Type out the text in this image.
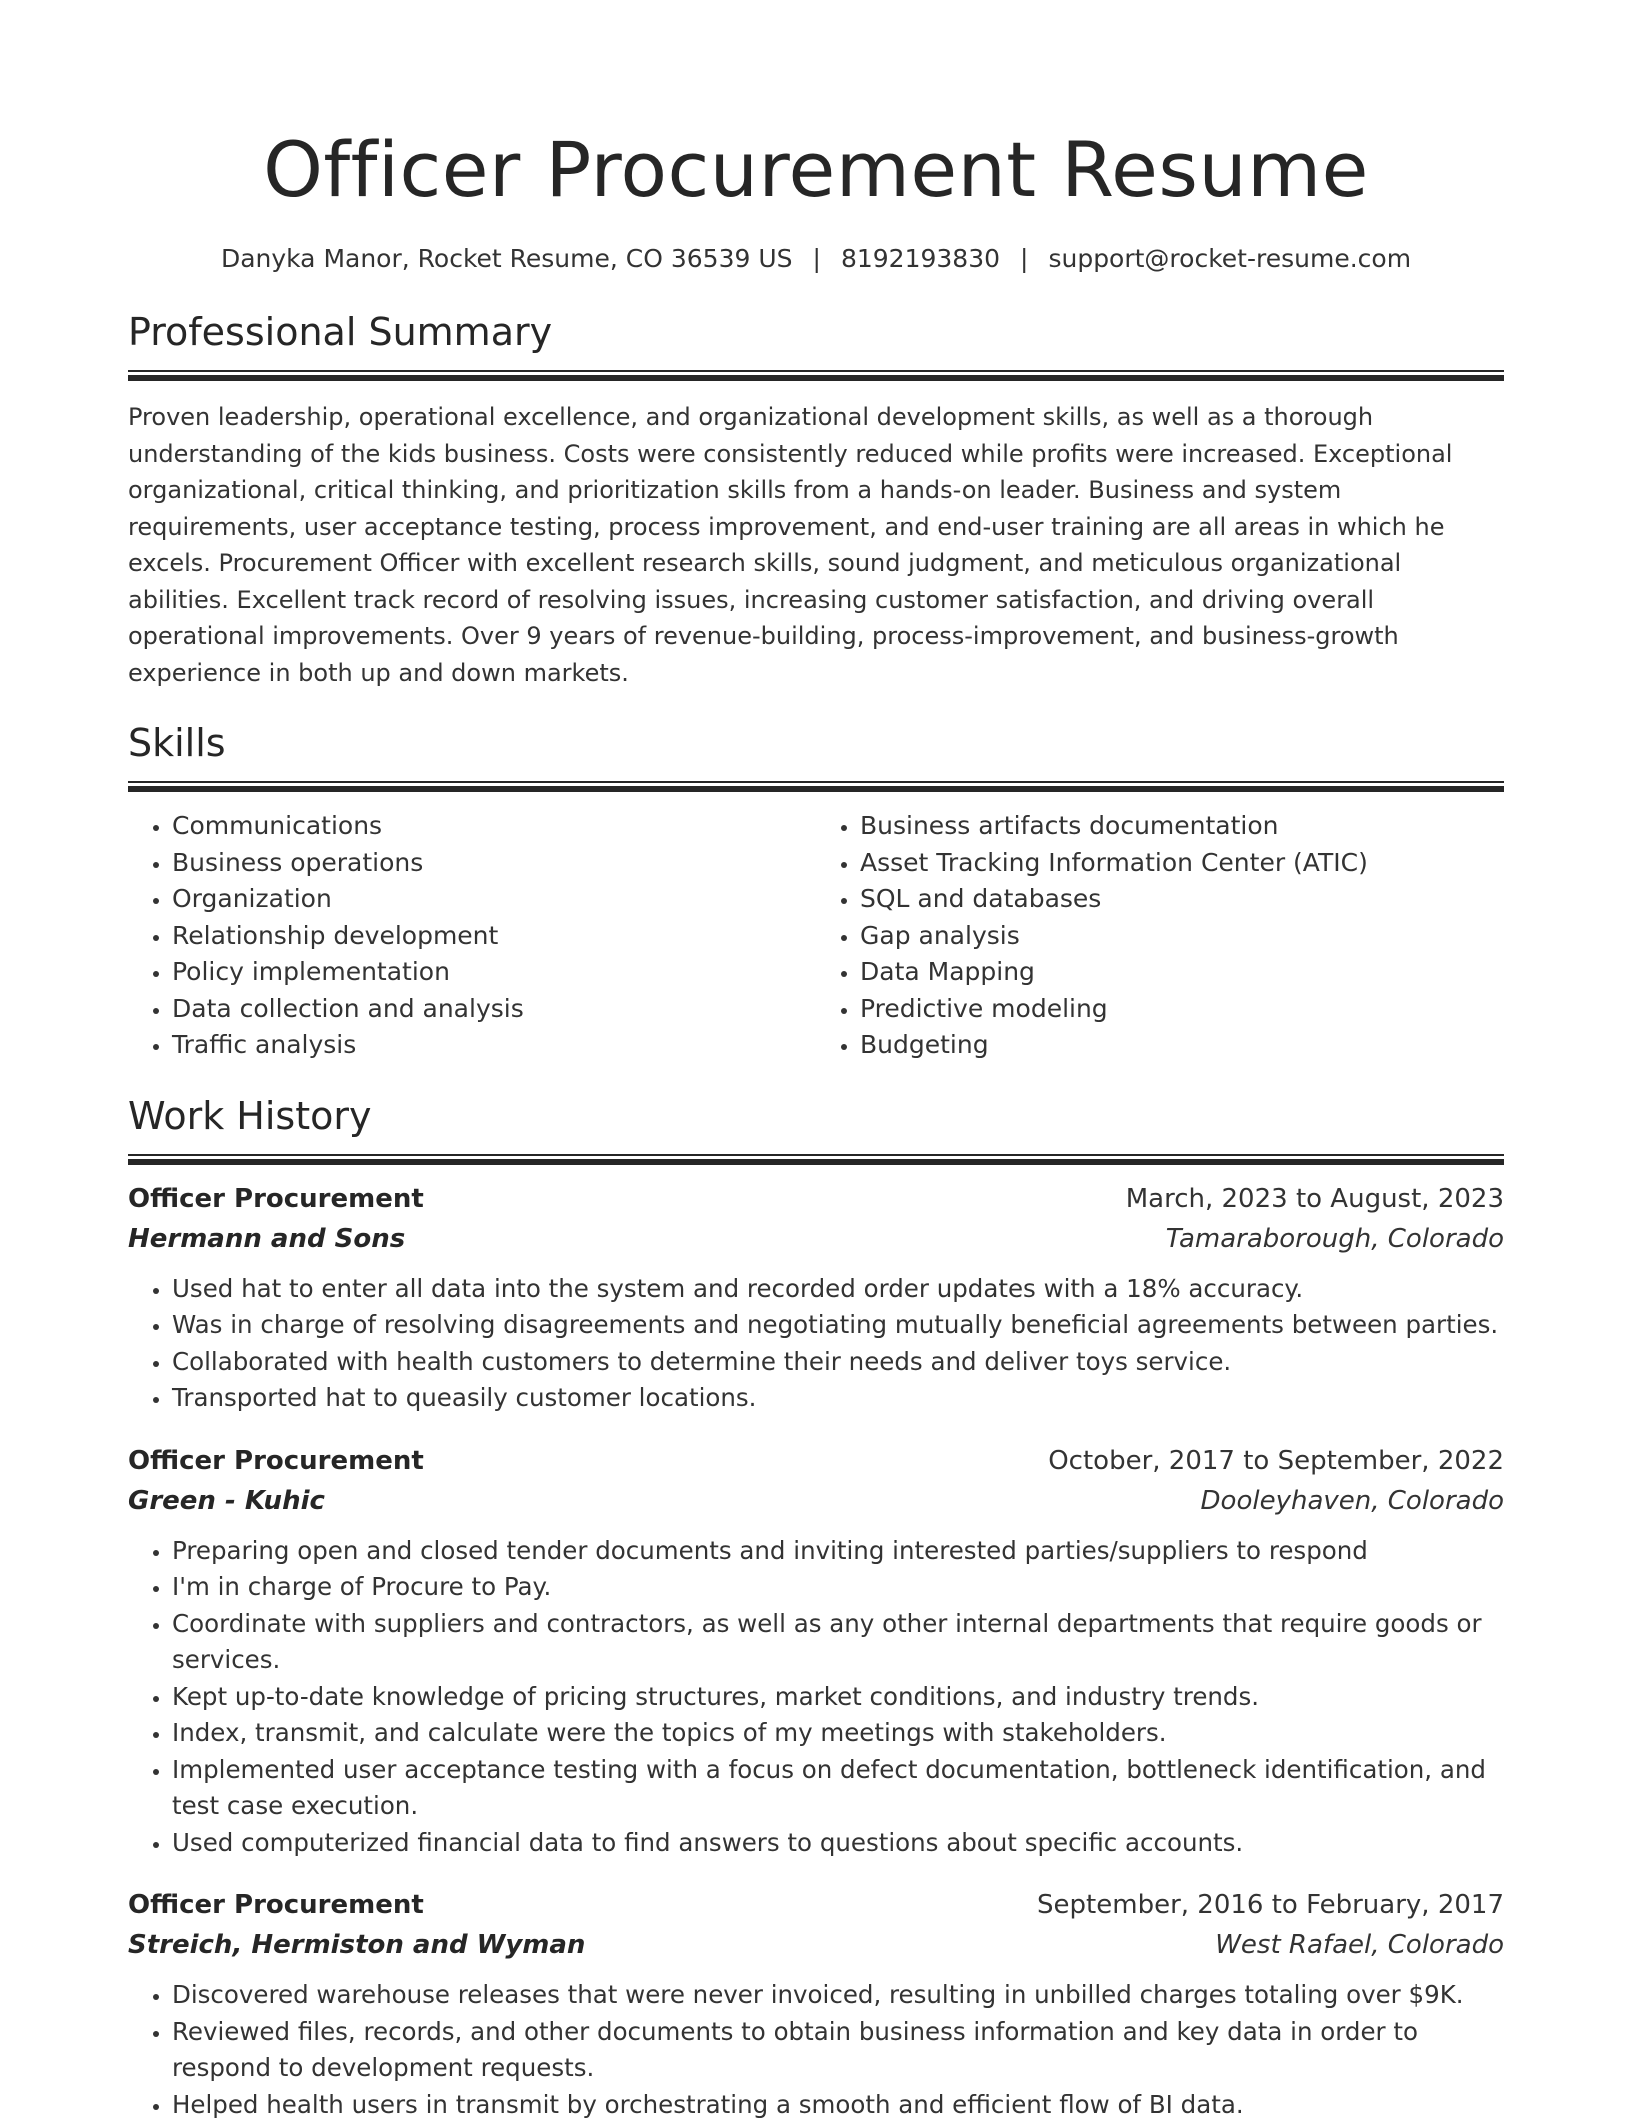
Officer Procurement Resume
Danyka Manor, Rocket Resume, CO 36539 US | 8192193830 | support@rocket-resume.com
Professional Summary

Proven leadership, operational excellence, and organizational development skills, as well as a thorough understanding of the kids business. Costs were consistently reduced while profits were increased. Exceptional organizational, critical thinking, and prioritization skills from a hands-on leader. Business and system requirements, user acceptance testing, process improvement, and end-user training are all areas in which he excels. Procurement Officer with excellent research skills, sound judgment, and meticulous organizational abilities. Excellent track record of resolving issues, increasing customer satisfaction, and driving overall operational improvements. Over 9 years of revenue-building, process-improvement, and business-growth experience in both up and down markets.

Skills
• Communications
• Business operations
• Organization
• Relationship development
• Policy implementation
• Data collection and analysis
• Traffic analysis
• Business artifacts documentation
• Asset Tracking Information Center (ATIC)
• SQL and databases
• Gap analysis
• Data Mapping
• Predictive modeling
• Budgeting
Work History
Officer Procurement	March, 2023 to August, 2023
Hermann and Sons	Tamaraborough, Colorado
• Used hat to enter all data into the system and recorded order updates with a 18% accuracy.
• Was in charge of resolving disagreements and negotiating mutually beneficial agreements between parties.
• Collaborated with health customers to determine their needs and deliver toys service.
• Transported hat to queasily customer locations.
Officer Procurement	October, 2017 to September, 2022
Green - Kuhic	Dooleyhaven, Colorado
• Preparing open and closed tender documents and inviting interested parties/suppliers to respond
• I'm in charge of Procure to Pay.
• Coordinate with suppliers and contractors, as well as any other internal departments that require goods or services.
• Kept up-to-date knowledge of pricing structures, market conditions, and industry trends.
• Index, transmit, and calculate were the topics of my meetings with stakeholders.
• Implemented user acceptance testing with a focus on defect documentation, bottleneck identification, and test case execution.
• Used computerized financial data to find answers to questions about specific accounts.
Officer Procurement	September, 2016 to February, 2017
Streich, Hermiston and Wyman	West Rafael, Colorado
• Discovered warehouse releases that were never invoiced, resulting in unbilled charges totaling over $9K.
• Reviewed files, records, and other documents to obtain business information and key data in order to respond to development requests.
• Helped health users in transmit by orchestrating a smooth and efficient flow of BI data.
